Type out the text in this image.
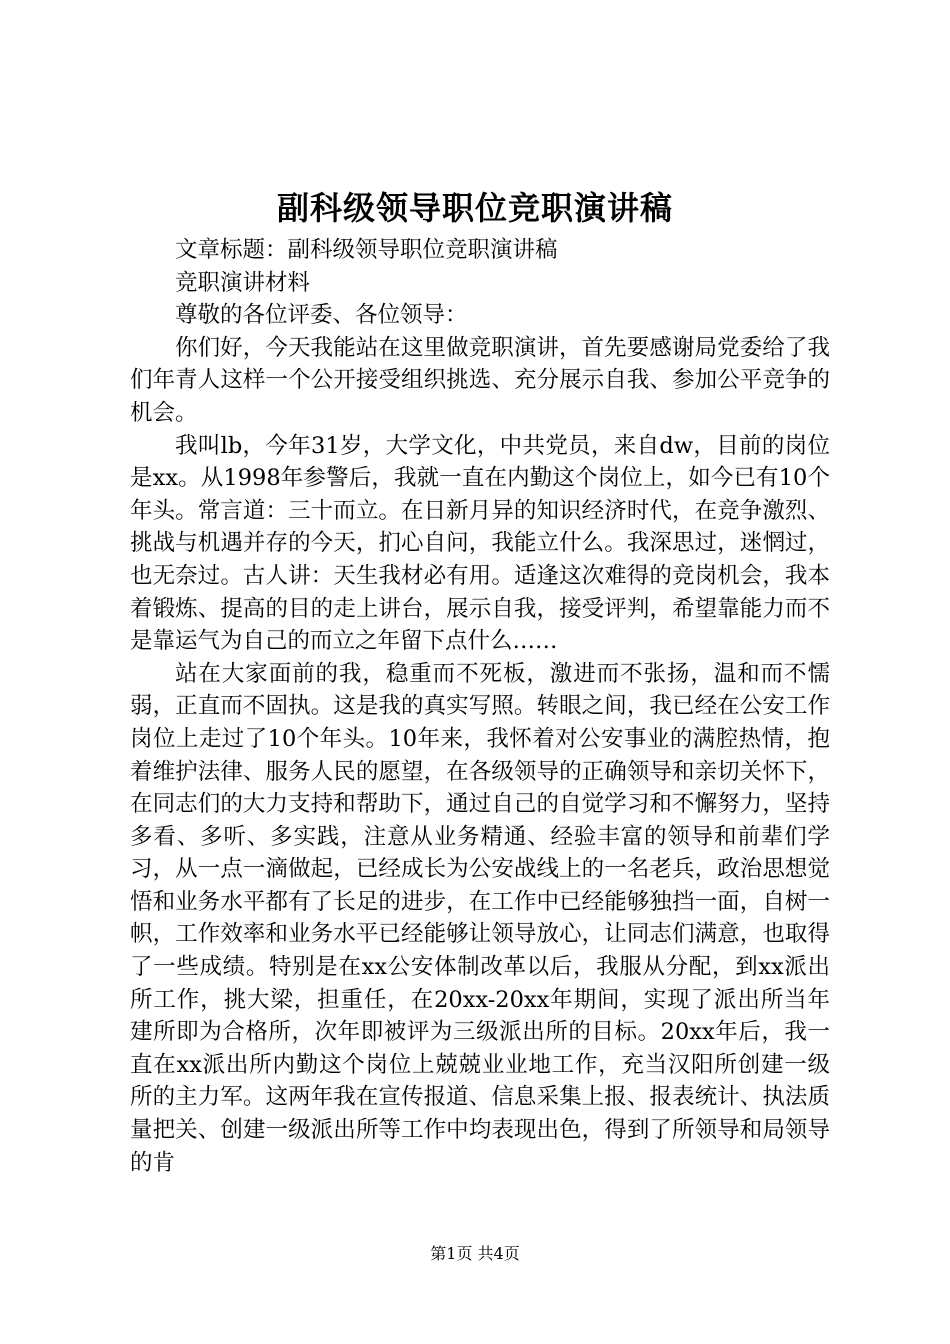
副科级领导职位竞职演讲稿

文章标题：副科级领导职位竞职演讲稿

竞职演讲材料

尊敬的各位评委、各位领导：

你们好，今天我能站在这里做竞职演讲，首先要感谢局党委给了我们年青人这样一个公开接受组织挑选、充分展示自我、参加公平竞争的机会。

我叫lb，今年31岁，大学文化，中共党员，来自dw，目前的岗位是xx。从1998年参警后，我就一直在内勤这个岗位上，如今已有10个年头。常言道：三十而立。在日新月异的知识经济时代，在竞争激烈、挑战与机遇并存的今天，扪心自问，我能立什么。我深思过，迷惘过，也无奈过。古人讲：天生我材必有用。适逢这次难得的竞岗机会，我本着锻炼、提高的目的走上讲台，展示自我，接受评判，希望靠能力而不是靠运气为自己的而立之年留下点什么……

站在大家面前的我，稳重而不死板，激进而不张扬，温和而不懦弱，正直而不固执。这是我的真实写照。转眼之间，我已经在公安工作岗位上走过了10个年头。10年来，我怀着对公安事业的满腔热情，抱着维护法律、服务人民的愿望，在各级领导的正确领导和亲切关怀下，在同志们的大力支持和帮助下，通过自己的自觉学习和不懈努力，坚持多看、多听、多实践，注意从业务精通、经验丰富的领导和前辈们学习，从一点一滴做起，已经成长为公安战线上的一名老兵，政治思想觉悟和业务水平都有了长足的进步，在工作中已经能够独挡一面，自树一帜，工作效率和业务水平已经能够让领导放心，让同志们满意，也取得了一些成绩。特别是在xx公安体制改革以后，我服从分配，到xx派出所工作，挑大梁，担重任，在20xx-20xx年期间，实现了派出所当年建所即为合格所，次年即被评为三级派出所的目标。20xx年后，我一直在xx派出所内勤这个岗位上兢兢业业地工作，充当汉阳所创建一级所的主力军。这两年我在宣传报道、信息采集上报、报表统计、执法质量把关、创建一级派出所等工作中均表现出色，得到了所领导和局领导的肯

第1页 共4页
